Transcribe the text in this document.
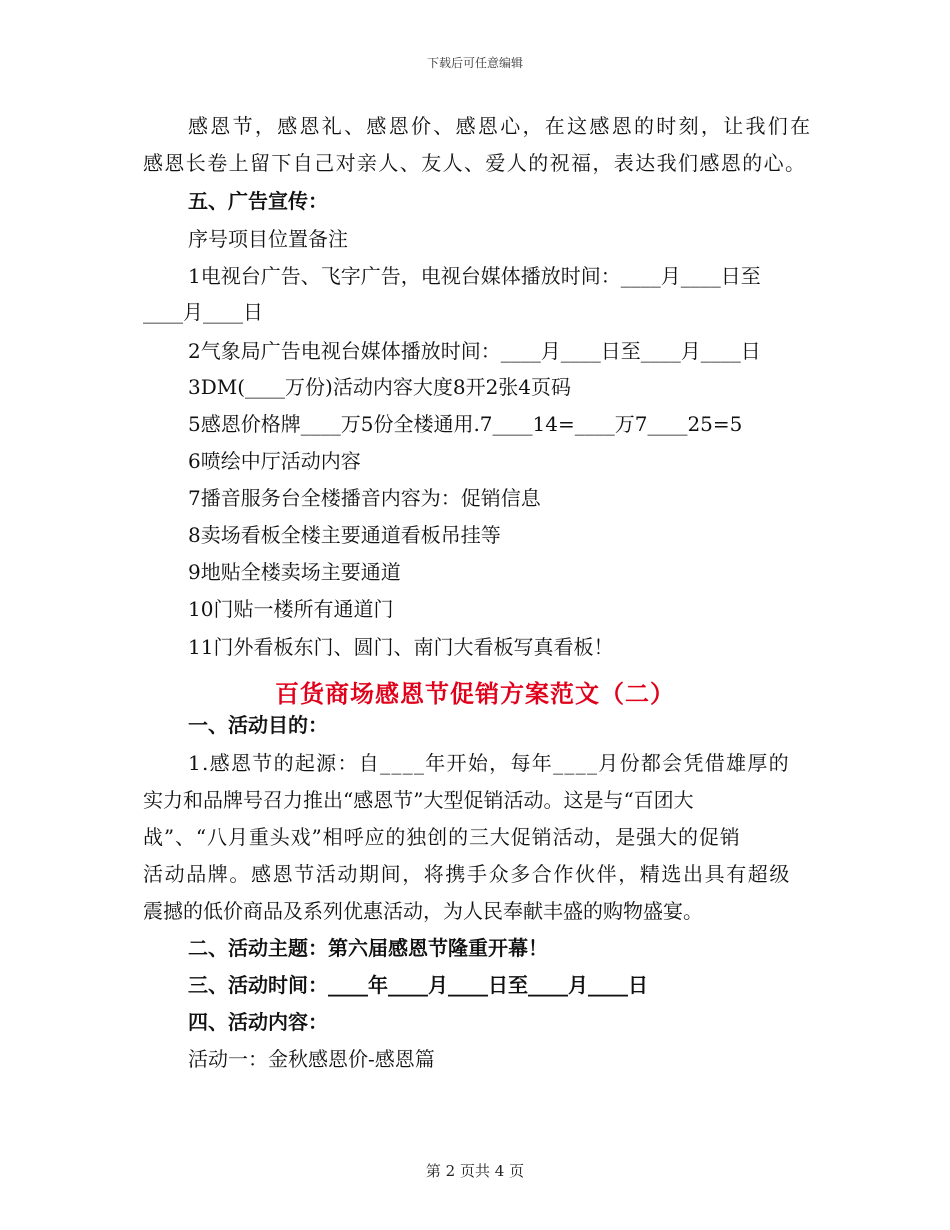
下载后可任意编辑
感恩节，感恩礼、感恩价、感恩心，在这感恩的时刻，让我们在
感恩长卷上留下自己对亲人、友人、爱人的祝福，表达我们感恩的心。
五、广告宣传：
序号项目位置备注
1电视台广告、飞字广告，电视台媒体播放时间：____月____日至
____月____日
2气象局广告电视台媒体播放时间：____月____日至____月____日
3DM(____万份)活动内容大度8开2张4页码
5感恩价格牌____万5份全楼通用.7____14=____万7____25=5
6喷绘中厅活动内容
7播音服务台全楼播音内容为：促销信息
8卖场看板全楼主要通道看板吊挂等
9地贴全楼卖场主要通道
10门贴一楼所有通道门
11门外看板东门、圆门、南门大看板写真看板！
百货商场感恩节促销方案范文（二）
一、活动目的：
1.感恩节的起源：自____年开始，每年____月份都会凭借雄厚的
实力和品牌号召力推出“感恩节”大型促销活动。这是与“百团大
战”、“八月重头戏”相呼应的独创的三大促销活动，是强大的促销
活动品牌。感恩节活动期间，将携手众多合作伙伴，精选出具有超级
震撼的低价商品及系列优惠活动，为人民奉献丰盛的购物盛宴。
二、活动主题：第六届感恩节隆重开幕！
三、活动时间：____年____月____日至____月____日
四、活动内容：
活动一：金秋感恩价-感恩篇
第 2 页共 4 页
